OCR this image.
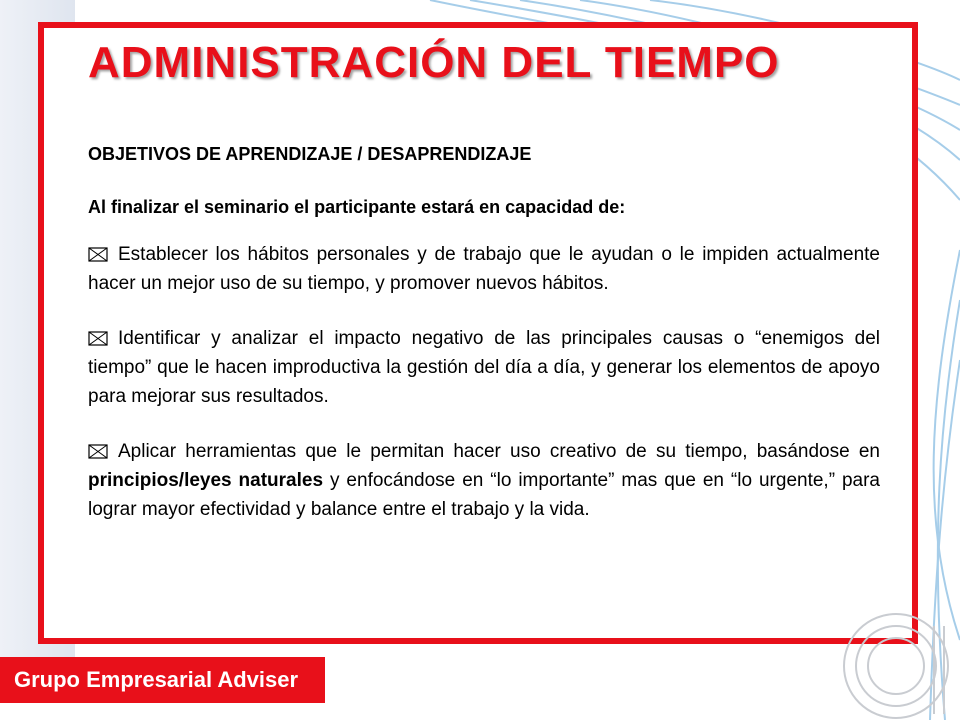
ADMINISTRACIÓN DEL TIEMPO

OBJETIVOS DE APRENDIZAJE / DESAPRENDIZAJE

Al finalizar el seminario el participante estará en capacidad de:

Establecer los hábitos personales y de trabajo que le ayudan o le impiden actualmente hacer un mejor uso de su tiempo, y promover nuevos hábitos.

Identificar y analizar el impacto negativo de las principales causas o “enemigos del tiempo” que le hacen improductiva la gestión del día a día, y generar los elementos de apoyo para mejorar sus resultados.

Aplicar herramientas que le permitan hacer uso creativo de su tiempo, basándose en principios/leyes naturales y enfocándose en “lo importante” mas que en “lo urgente,” para lograr mayor efectividad y balance entre el trabajo y la vida.

Grupo Empresarial Adviser
